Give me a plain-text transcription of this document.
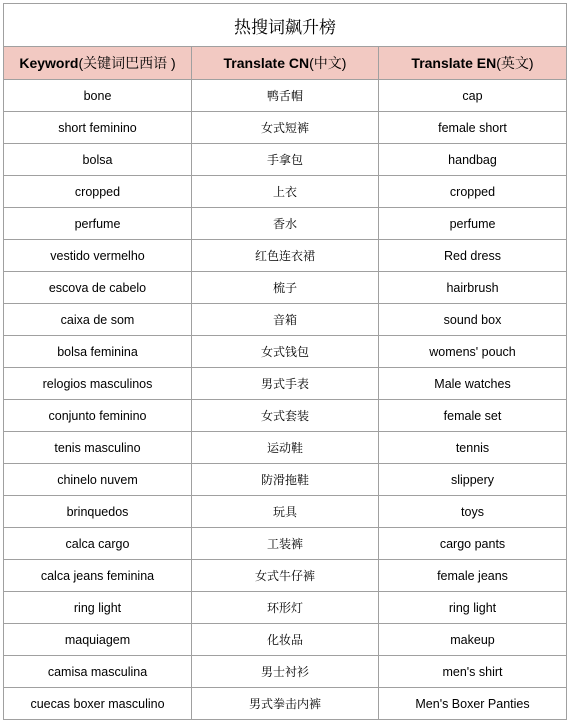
热搜词飙升榜		
Keyword(关键词巴西语 )	Translate CN(中文)	Translate EN(英文)
bone	鸭舌帽	cap
short feminino	女式短裤	female short
bolsa	手拿包	handbag
cropped	上衣	cropped
perfume	香水	perfume
vestido vermelho	红色连衣裙	Red dress
escova de cabelo	梳子	hairbrush
caixa de som	音箱	sound box
bolsa feminina	女式钱包	womens' pouch
relogios masculinos	男式手表	Male watches
conjunto feminino	女式套装	female set
tenis masculino	运动鞋	tennis
chinelo nuvem	防滑拖鞋	slippery
brinquedos	玩具	toys
calca cargo	工装裤	cargo pants
calca jeans feminina	女式牛仔裤	female jeans
ring light	环形灯	ring light
maquiagem	化妆品	makeup
camisa masculina	男士衬衫	men's shirt
cuecas boxer masculino	男式拳击内裤	Men's Boxer Panties
